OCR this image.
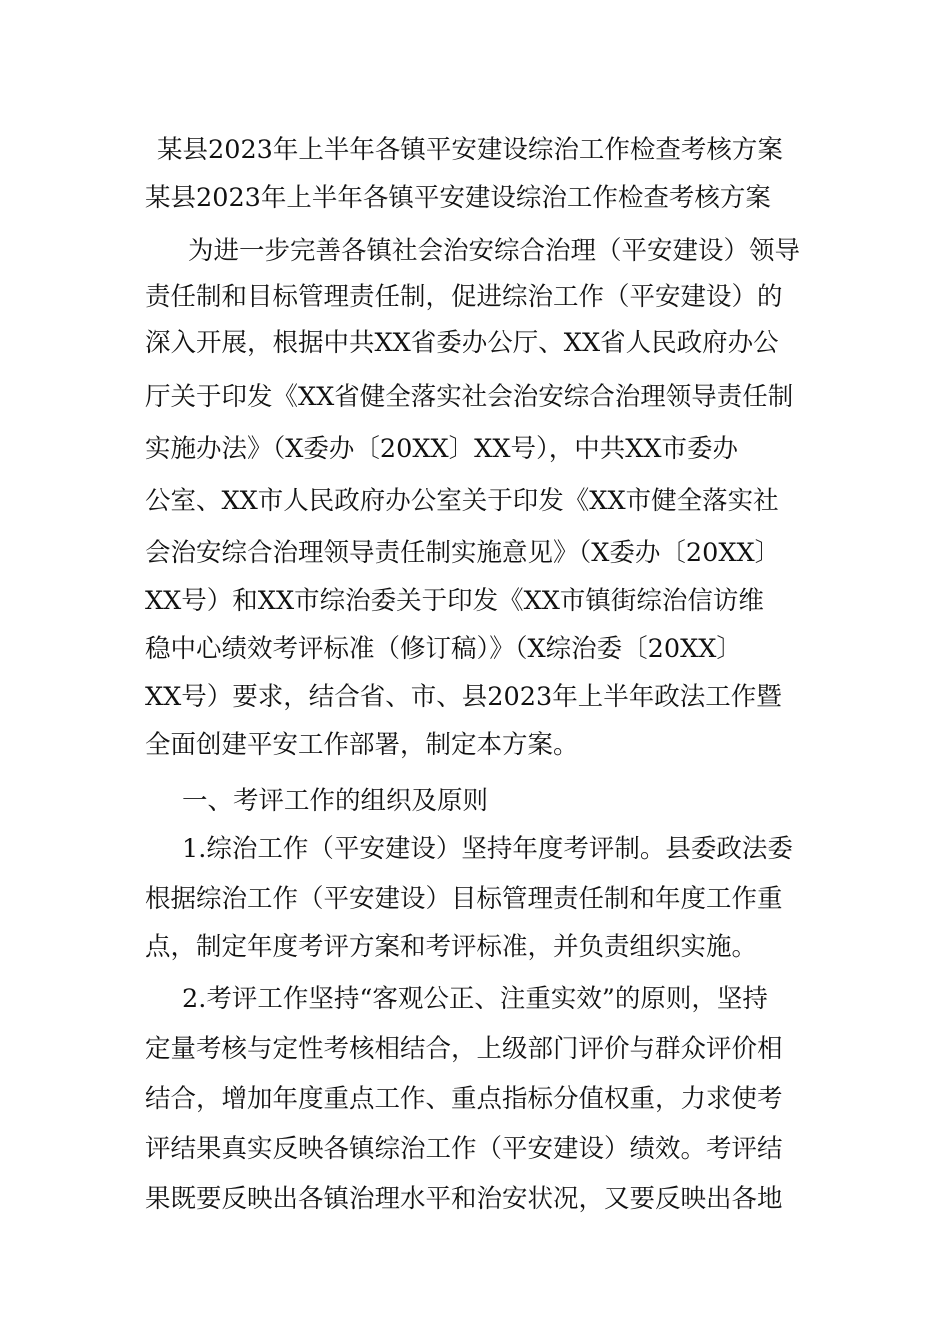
某县2023年上半年各镇平安建设综治工作检查考核方案
某县2023年上半年各镇平安建设综治工作检查考核方案
为进一步完善各镇社会治安综合治理（平安建设）领导
责任制和目标管理责任制，促进综治工作（平安建设）的
深入开展，根据中共XX省委办公厅、XX省人民政府办公
厅关于印发《XX省健全落实社会治安综合治理领导责任制
实施办法》（X委办〔20XX〕XX号），中共XX市委办
公室、XX市人民政府办公室关于印发《XX市健全落实社
会治安综合治理领导责任制实施意见》（X委办〔20XX〕
XX号）和XX市综治委关于印发《XX市镇街综治信访维
稳中心绩效考评标准（修订稿）》（X综治委〔20XX〕
XX号）要求，结合省、市、县2023年上半年政法工作暨
全面创建平安工作部署，制定本方案。
一、考评工作的组织及原则
1.综治工作（平安建设）坚持年度考评制。县委政法委
根据综治工作（平安建设）目标管理责任制和年度工作重
点，制定年度考评方案和考评标准，并负责组织实施。
2.考评工作坚持“客观公正、注重实效”的原则，坚持
定量考核与定性考核相结合，上级部门评价与群众评价相
结合，增加年度重点工作、重点指标分值权重，力求使考
评结果真实反映各镇综治工作（平安建设）绩效。考评结
果既要反映出各镇治理水平和治安状况，又要反映出各地
